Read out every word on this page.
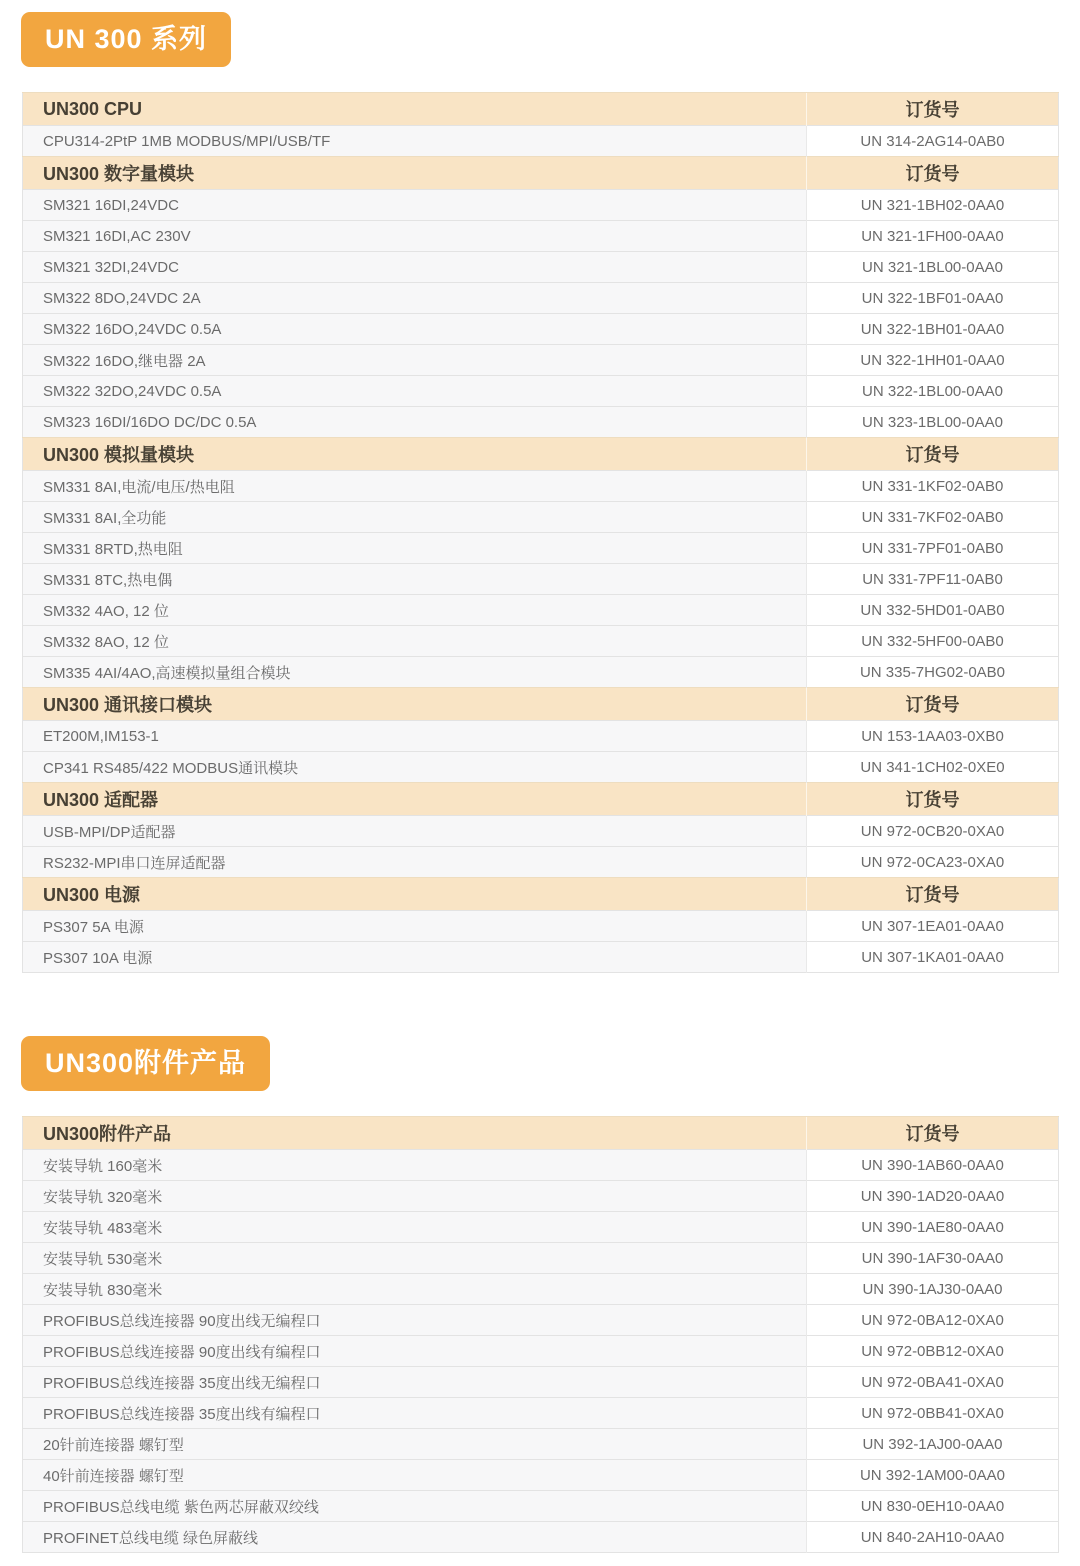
UN 300 系列
UN300 CPU	订货号
CPU314-2PtP 1MB MODBUS/MPI/USB/TF	UN 314-2AG14-0AB0
UN300 数字量模块	订货号
SM321 16DI,24VDC	UN 321-1BH02-0AA0
SM321 16DI,AC 230V	UN 321-1FH00-0AA0
SM321 32DI,24VDC	UN 321-1BL00-0AA0
SM322 8DO,24VDC 2A	UN 322-1BF01-0AA0
SM322 16DO,24VDC 0.5A	UN 322-1BH01-0AA0
SM322 16DO,继电器 2A	UN 322-1HH01-0AA0
SM322 32DO,24VDC 0.5A	UN 322-1BL00-0AA0
SM323 16DI/16DO DC/DC 0.5A	UN 323-1BL00-0AA0
UN300 模拟量模块	订货号
SM331 8AI,电流/电压/热电阻	UN 331-1KF02-0AB0
SM331 8AI,全功能	UN 331-7KF02-0AB0
SM331 8RTD,热电阻	UN 331-7PF01-0AB0
SM331 8TC,热电偶	UN 331-7PF11-0AB0
SM332 4AO, 12 位	UN 332-5HD01-0AB0
SM332 8AO, 12 位	UN 332-5HF00-0AB0
SM335 4AI/4AO,高速模拟量组合模块	UN 335-7HG02-0AB0
UN300 通讯接口模块	订货号
ET200M,IM153-1	UN 153-1AA03-0XB0
CP341 RS485/422 MODBUS通讯模块	UN 341-1CH02-0XE0
UN300 适配器	订货号
USB-MPI/DP适配器	UN 972-0CB20-0XA0
RS232-MPI串口连屏适配器	UN 972-0CA23-0XA0
UN300 电源	订货号
PS307 5A 电源	UN 307-1EA01-0AA0
PS307 10A 电源	UN 307-1KA01-0AA0
UN300附件产品
UN300附件产品	订货号
安装导轨 160毫米	UN 390-1AB60-0AA0
安装导轨 320毫米	UN 390-1AD20-0AA0
安装导轨 483毫米	UN 390-1AE80-0AA0
安装导轨 530毫米	UN 390-1AF30-0AA0
安装导轨 830毫米	UN 390-1AJ30-0AA0
PROFIBUS总线连接器 90度出线无编程口	UN 972-0BA12-0XA0
PROFIBUS总线连接器 90度出线有编程口	UN 972-0BB12-0XA0
PROFIBUS总线连接器 35度出线无编程口	UN 972-0BA41-0XA0
PROFIBUS总线连接器 35度出线有编程口	UN 972-0BB41-0XA0
20针前连接器 螺钉型	UN 392-1AJ00-0AA0
40针前连接器 螺钉型	UN 392-1AM00-0AA0
PROFIBUS总线电缆 紫色两芯屏蔽双绞线	UN 830-0EH10-0AA0
PROFINET总线电缆 绿色屏蔽线	UN 840-2AH10-0AA0
